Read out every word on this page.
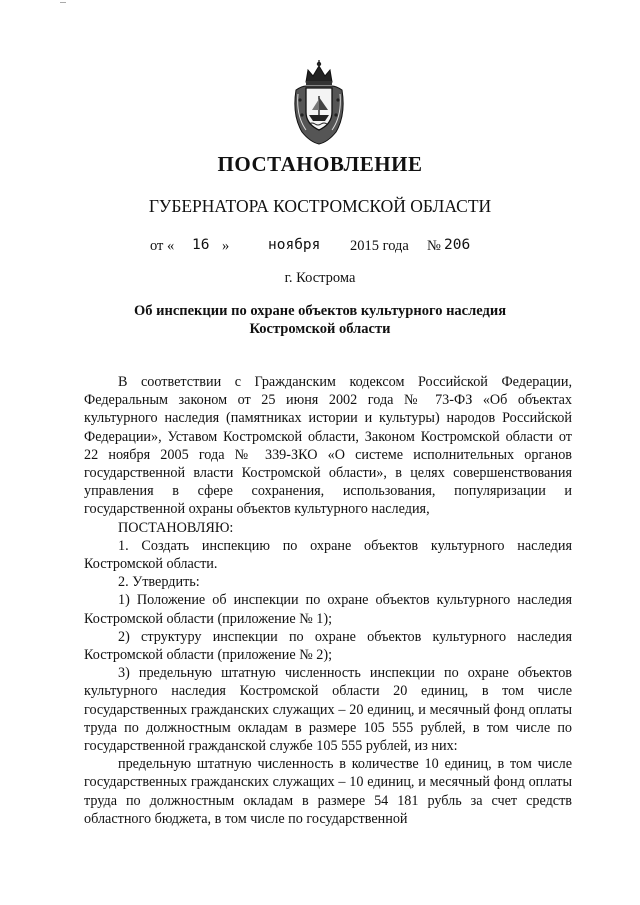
ПОСТАНОВЛЕНИЕ
ГУБЕРНАТОРА КОСТРОМСКОЙ ОБЛАСТИ
от « 16 »	ноября 2015 года № 206
г. Кострома
Об инспекции по охране объектов культурного наследия
Костромской области

В соответствии с Гражданским кодексом Российской Федерации, Федеральным законом от 25 июня 2002 года № 73-ФЗ «Об объектах культурного наследия (памятниках истории и культуры) народов Российской Федерации», Уставом Костромской области, Законом Костромской области от 22 ноября 2005 года № 339-ЗКО «О системе исполнительных органов государственной власти Костромской области», в целях совершенствования управления в сфере сохранения, использования, популяризации и государственной охраны объектов культурного наследия,

ПОСТАНОВЛЯЮ:

1. Создать инспекцию по охране объектов культурного наследия Костромской области.

2. Утвердить:

1) Положение об инспекции по охране объектов культурного наследия Костромской области (приложение № 1);

2) структуру инспекции по охране объектов культурного наследия Костромской области (приложение № 2);

3) предельную штатную численность инспекции по охране объектов культурного наследия Костромской области 20 единиц, в том числе государственных гражданских служащих – 20 единиц, и месячный фонд оплаты труда по должностным окладам в размере 105 555 рублей, в том числе по государственной гражданской службе 105 555 рублей, из них:

предельную штатную численность в количестве 10 единиц, в том числе государственных гражданских служащих – 10 единиц, и месячный фонд оплаты труда по должностным окладам в размере 54 181 рубль за счет средств областного бюджета, в том числе по государственной
